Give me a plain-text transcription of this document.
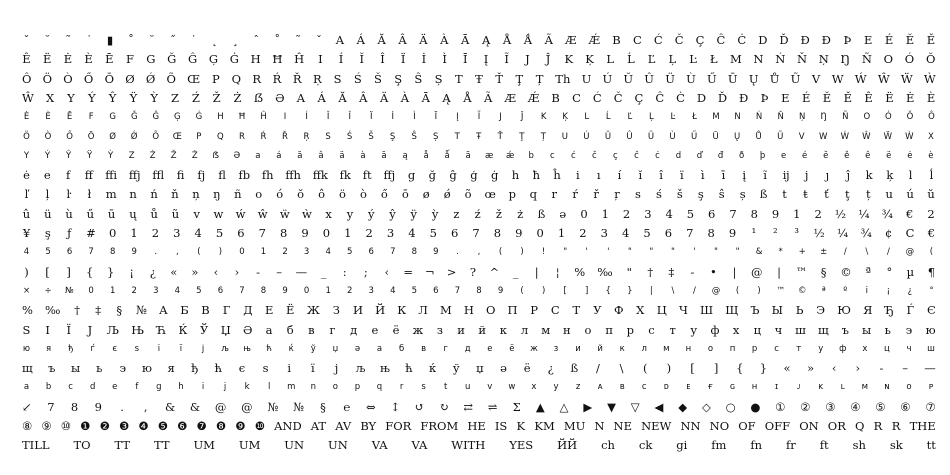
ˇ ˘ ˜ ˙ ▮ ˚ ˘ ˝ ˙ ˛ ¸ ˆ ˚ ˜ ˇ A Á Ă Â Ä À Ā Ą Å Ǻ Ã Æ Ǽ B C Ć Č Ç Ĉ Ċ D Ď Đ Ð Þ E É Ĕ Ě
Ê Ë Ė È Ē F G Ğ Ĝ Ģ Ġ H Ħ Ĥ I Í Ĭ Î Ï İ Ì Ī Į Ĩ J Ĵ K Ķ L Ĺ Ľ Ļ Ŀ Ł M N Ń Ň Ņ Ŋ Ñ O Ó Ŏ
Ô Ö Ò Ő Ō Ø Ǿ Õ Œ P Q R Ŕ Ř Ŗ S Ś Š Ş Ŝ Ș T Ŧ Ť Ţ Ț Th U Ú Ŭ Û Ü Ù Ű Ū Ų Ů Ũ V W Ẃ Ŵ Ẅ Ẁ
Ŵ X Y Ý Ŷ Ÿ Ỳ Z Ź Ž Ż ẞ Ə A Á Ă Â Ä À Ā Ą Å Ã Æ Ǽ B C Ć Č Ç Ĉ Ċ D Ď Đ Þ E É Ĕ Ě Ê Ë Ė È
Ė È Ē F G Ğ Ĝ Ģ Ġ H Ħ Ĥ	I	Í	Ĭ	Î	Ï	İ	Ì	Ī	Į	Ĩ	J	Ĵ	K Ķ L Ĺ Ľ Ļ Ŀ Ł M N Ń Ň Ņ Ŋ Ñ O Ó Ŏ Ô
Ö Ò Ő Ō Ø Ǿ Õ Œ P Q R Ŕ Ř Ŗ S Ś Š Ş Ŝ Ș T Ŧ Ť Ţ Ț U Ú Ŭ Û Ü Ù Ű Ū Ų Ů Ũ V W Ẃ Ŵ Ẅ Ẁ X
Y Ý Ŷ Ÿ Ỳ Z Ź Ž Ż ẞ Ə a á ă â ä à ā ą å ǻ ã æ ǽ b c ć č ç ĉ ċ d ď đ ð þ e é ĕ ě ê ë ė è
ė e f ff ffi ffj ffl fi fj fl fb fh ffh ffk fk ft ffj g ğ ĝ ģ ġ h ħ ĥ i ı í ĭ î ï ì ī į ĩ ĳ j ȷ ĵ k ķ l ĺ
ľ ļ ŀ ł m n ń ň ņ ŋ ñ o ó ŏ ô ö ò ő ō ø ǿ õ œ p q r ŕ ř ŗ s ś š ş ŝ ș ß t ŧ ť ţ ț u ú ŭ
û ü ù ű ū ų ů ũ v w ẃ ŵ ẅ ẁ x y ý ŷ ÿ ỳ z ź ž ż ß ə 0 1 2 3 4 5 6 7 8 9 1 2 ½ ¼ ¾ € 2
¥ ş ƒ # 0 1 2 3 4 5 6 7 8 9 0 1 2 3 4 5 6 7 8 9 0 1 2 3 4 5 6 7 8 9 ¹ ² ³ ½ ¼ ¾ ¢ C €
4 5 6 7 8 9	.	,	(	)	0 1 2 3 4 5 6 7 8 9	.	,	(	)	!	"	'	'	" " "	'	" " & * + ±	/	\	/	@	(
) [ ] { } ¡ ¿ « » ‹ › - – — _ : ; ‹ = ¬ > ? ^ _ | ¦ % ‰ " † ‡ - • | @ | ™ § © ª ° µ ¶
× ÷ № 0 1 2 3 4 5 6 7 8 9 0 1 2 3 4 5 6 7 8 9	(	)	[	]	{ }	|	\	/	@	(	)	™ © ª º	i	¡	¿ °
% ‰ † ‡ § № А Б В Г Д Е Ё Ж З И Й К Л М Н О П Р С Т У Ф Х Ц Ч Ш Щ Ъ Ы Ь Э Ю Я Ђ Ѓ Є
S І Ї Ј Љ Њ Ћ Ќ Ў Џ Ә а б в г д е ё ж з и й к л м н о п р с т у ф х ц ч ш щ ъ ы ь э ю
ю я ђ ѓ є ѕ	і	ї	ј	љ њ ћ ќ ў џ ә а б в г д е ё ж з и й к л м н о п р с т у ф х ц ч ш
щ ъ ы ь э ю я ђ ћ є ѕ і ї ј љ њ ћ ќ ў џ ә ё ¿ ß / \ ( ) [ ] { } « » ‹ › - – —
a b c d e	f	g h	i	j	k	l	m n o p q	r	s	t	u v w x y z ᴀ ʙ ᴄ ᴅ ᴇ ғ ɢ ʜ	ɪ	ᴊ	ᴋ ʟ ᴍ ɴ ᴏ ᴘ
↙ 7 8 9 . , & & @ @ № № § ℮ ⇔ ↕ ↺ ↻ ⇄ ⇌ Σ ▲ △ ▶ ▼ ▽ ◀ ◆ ◇ ○ ● ① ② ③ ④ ⑤ ⑥ ⑦
⑧ ⑨ ⑩ ❶ ❷ ❸ ❹ ❺ ❻ ❼ ❽ ❾ ❿ AND AT AV BY FOR FROM HE IS K KM MU N NE NEW NN NO OF OFF ON OR Q R R THE
TILL TO TT TT UM UM UN UN VA VA WITH YES ЙЙ ch ck gi fm fn fr ft sh sk tt
